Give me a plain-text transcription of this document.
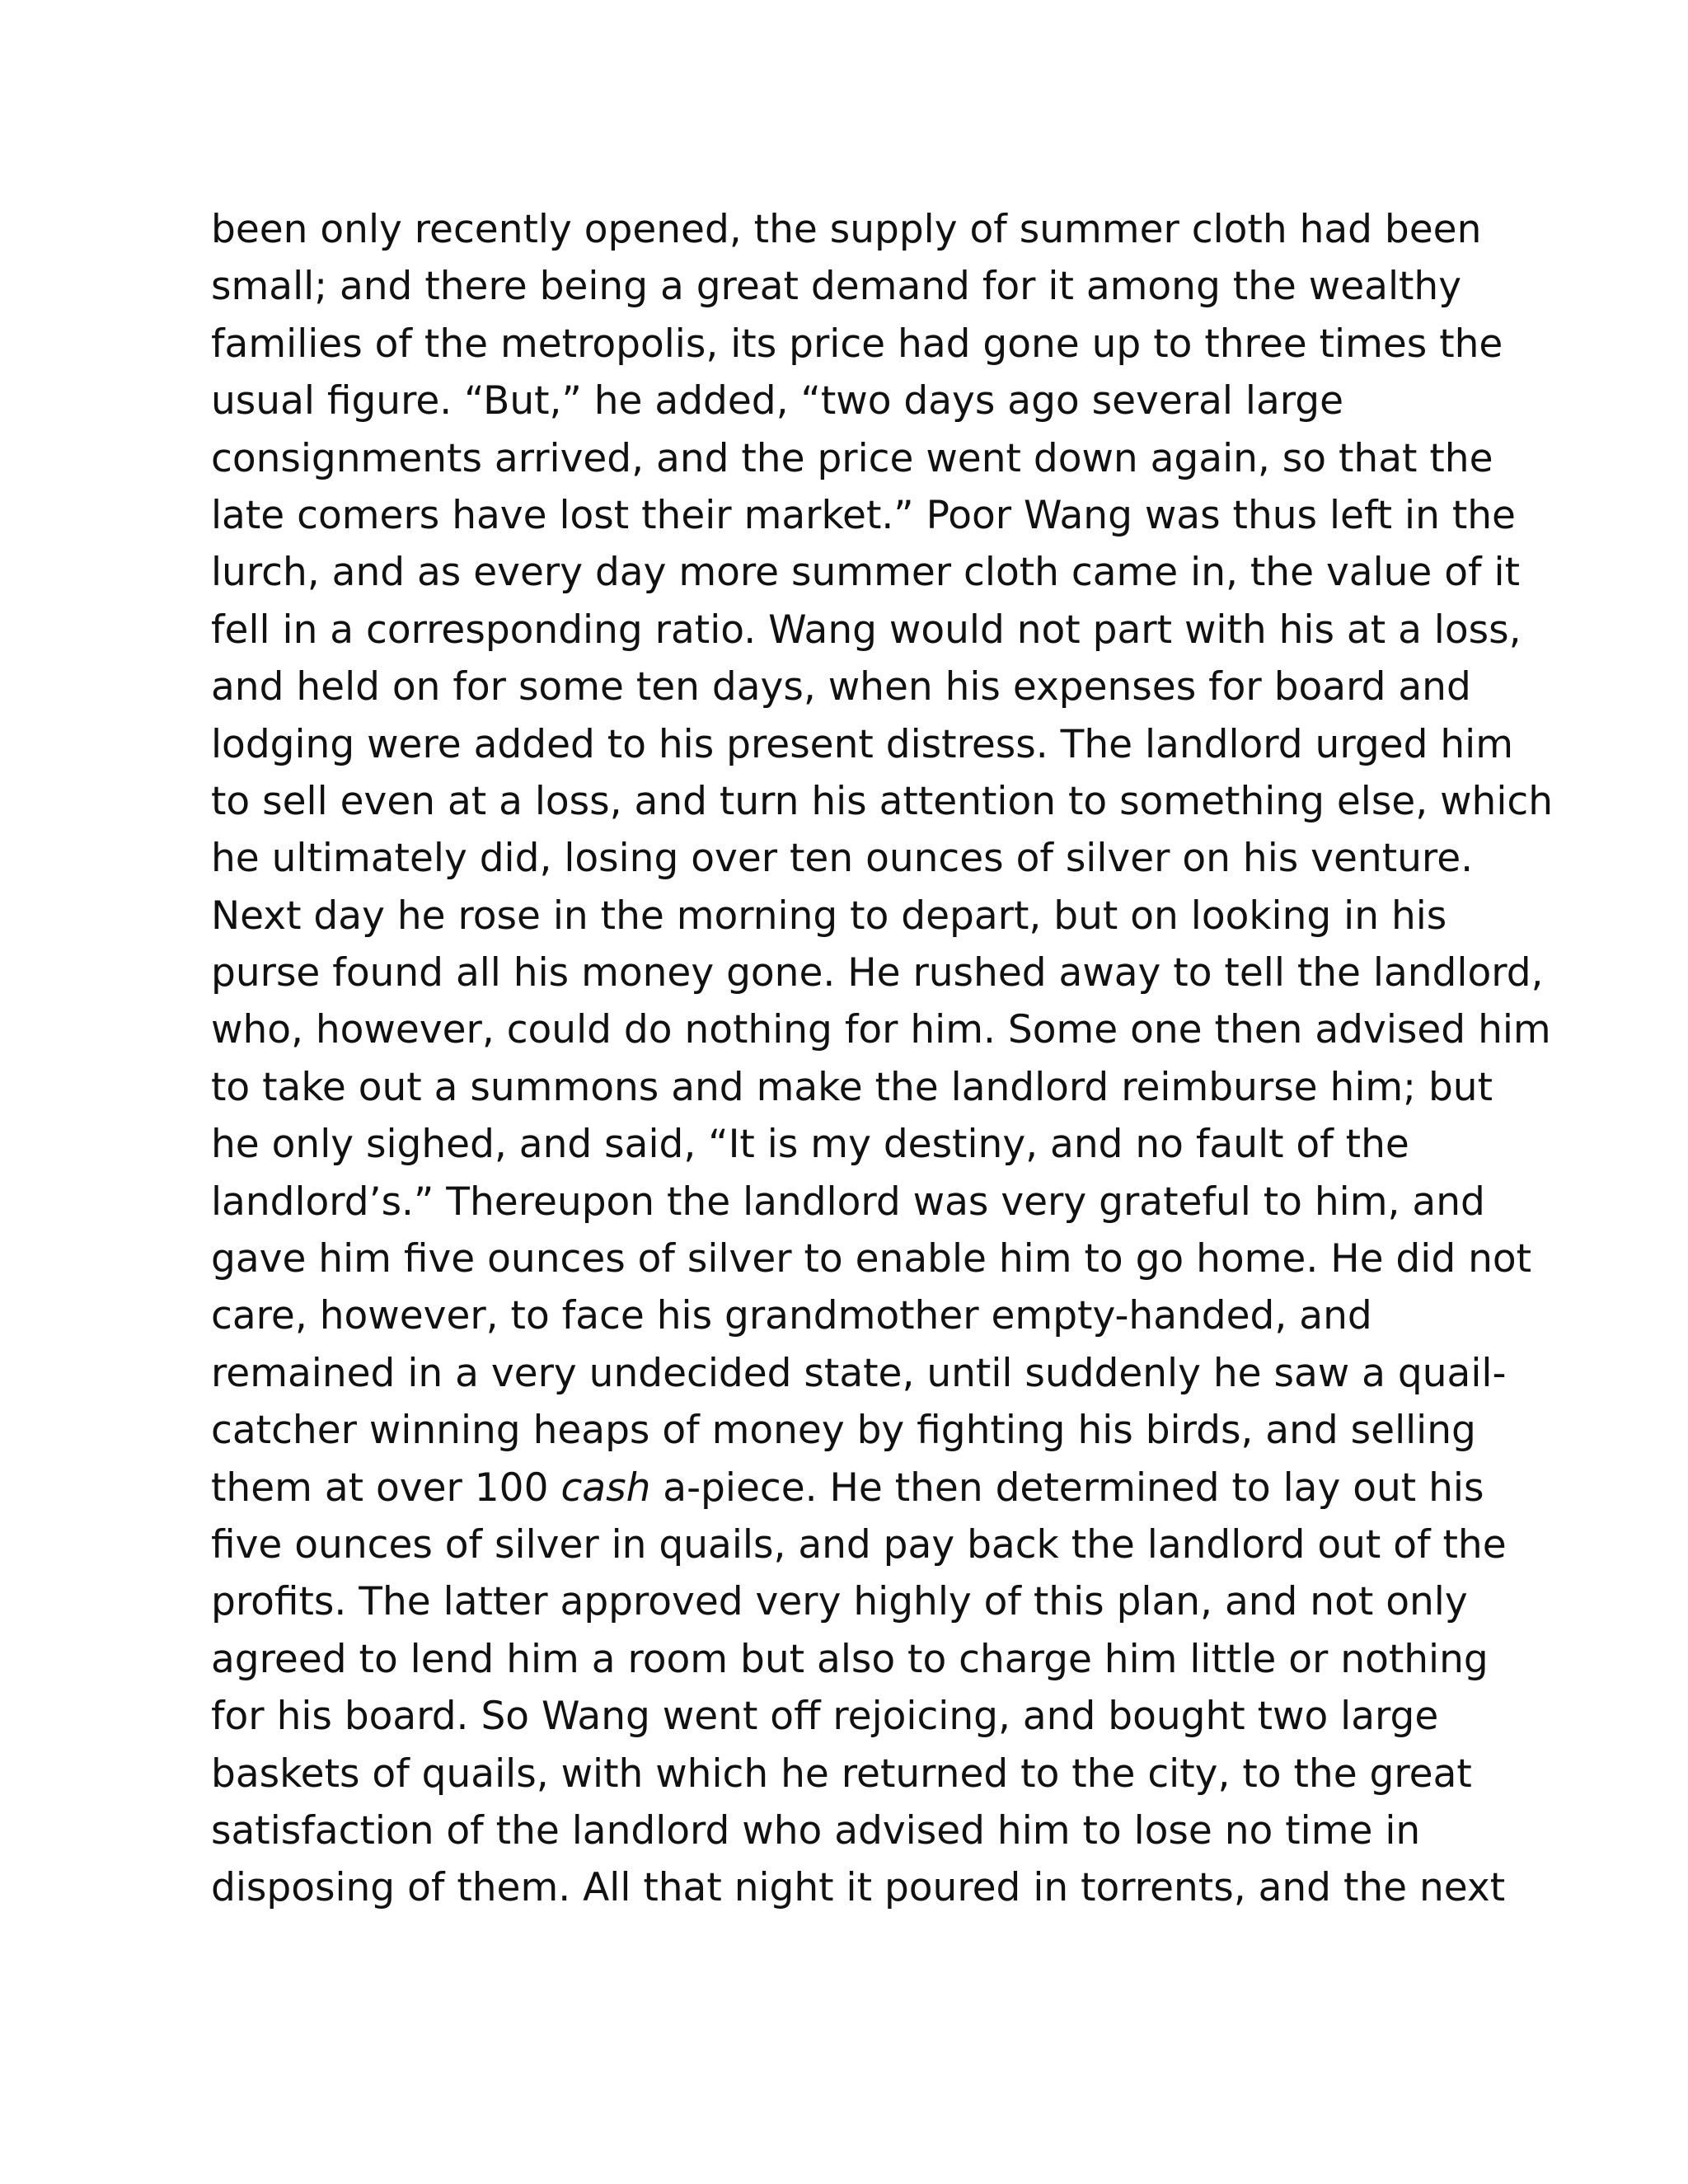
been only recently opened, the supply of summer cloth had been
small; and there being a great demand for it among the wealthy
families of the metropolis, its price had gone up to three times the
usual figure. “But,” he added, “two days ago several large
consignments arrived, and the price went down again, so that the
late comers have lost their market.” Poor Wang was thus left in the
lurch, and as every day more summer cloth came in, the value of it
fell in a corresponding ratio. Wang would not part with his at a loss,
and held on for some ten days, when his expenses for board and
lodging were added to his present distress. The landlord urged him
to sell even at a loss, and turn his attention to something else, which
he ultimately did, losing over ten ounces of silver on his venture.
Next day he rose in the morning to depart, but on looking in his
purse found all his money gone. He rushed away to tell the landlord,
who, however, could do nothing for him. Some one then advised him
to take out a summons and make the landlord reimburse him; but
he only sighed, and said, “It is my destiny, and no fault of the
landlord’s.” Thereupon the landlord was very grateful to him, and
gave him five ounces of silver to enable him to go home. He did not
care, however, to face his grandmother empty-handed, and
remained in a very undecided state, until suddenly he saw a quail-
catcher winning heaps of money by fighting his birds, and selling
them at over 100 cash a-piece. He then determined to lay out his
five ounces of silver in quails, and pay back the landlord out of the
profits. The latter approved very highly of this plan, and not only
agreed to lend him a room but also to charge him little or nothing
for his board. So Wang went off rejoicing, and bought two large
baskets of quails, with which he returned to the city, to the great
satisfaction of the landlord who advised him to lose no time in
disposing of them. All that night it poured in torrents, and the next
